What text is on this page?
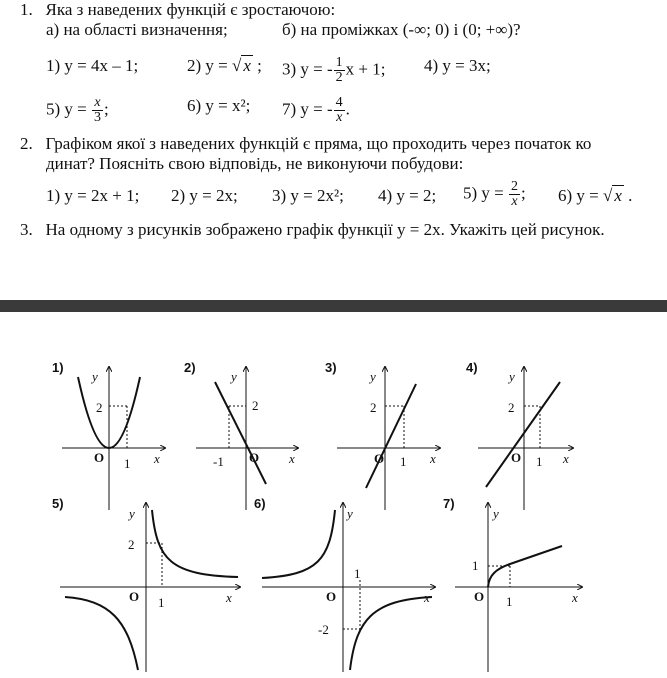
1. Яка з наведених функцій є зростаючою:
а) на області визначення;	б) на проміжках (-∞; 0) і (0; +∞)?
1) y = 4x – 1;	2) y = √ x ; 3) y = - $\frac{1}{2}$ x + 1; 4) y = 3x;
5) $y = \frac{x}{3}$ ;	6) y = x²; 7) y = - $\frac{4}{x}$ .
2. Графіком якої з наведених функцій є пряма, що проходить через початок ко
динат? Поясніть свою відповідь, не виконуючи побудови:
1) y = 2x + 1; 2) y = 2x; 3) y = 2x²; 4) y = 2; 5) $y = \frac{2}{x}$ ; 6) y = √ x .
3. На одному з рисунків зображено графік функції y = 2x. Укажіть цей рисунок.
1)
y
x
O
2
1
2)
y
x
O
2
-1
3)
y
x
O
2
1
4)
y
x
O
2
1
5)
y
x
O
2
1
6)
y
x
O
1
-2
7)
y
x
O
1
1
